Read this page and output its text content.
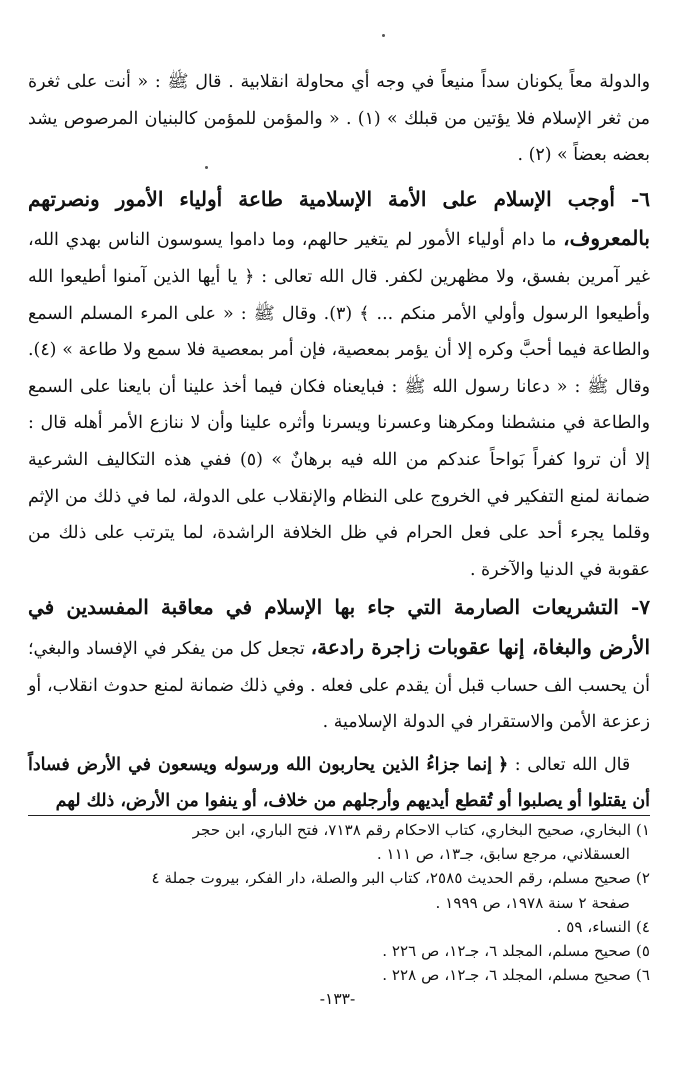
والدولة معاً يكونان سداً منيعاً في وجه أي محاولة انقلابية . قال ﷺ : « أنت على ثغرة من ثغر الإسلام فلا يؤتين من قبلك » (١) . « والمؤمن للمؤمن كالبنيان المرصوص يشد بعضه بعضاً » (٢) .

٦- أوجب الإسلام على الأمة الإسلامية طاعة أولياء الأمور ونصرتهم بالمعروف، ما دام أولياء الأمور لم يتغير حالهم، وما داموا يسوسون الناس بهدي الله، غير آمرين بفسق، ولا مظهرين لكفر. قال الله تعالى : ﴿ يا أيها الذين آمنوا أطيعوا الله وأطيعوا الرسول وأولي الأمر منكم ... ﴾ (٣). وقال ﷺ : « على المرء المسلم السمع والطاعة فيما أحبَّ وكره إلا أن يؤمر بمعصية، فإن أمر بمعصية فلا سمع ولا طاعة » (٤). وقال ﷺ : « دعانا رسول الله ﷺ : فبايعناه فكان فيما أخذ علينا أن بايعنا على السمع والطاعة في منشطنا ومكرهنا وعسرنا ويسرنا وأثره علينا وأن لا ننازع الأمر أهله قال : إلا أن تروا كفراً بَواحاً عندكم من الله فيه برهانٌ » (٥) ففي هذه التكاليف الشرعية ضمانة لمنع التفكير في الخروج على النظام والإنقلاب على الدولة، لما في ذلك من الإثم وقلما يجرء أحد على فعل الحرام في ظل الخلافة الراشدة، لما يترتب على ذلك من عقوبة في الدنيا والآخرة .

٧- التشريعات الصارمة التي جاء بها الإسلام في معاقبة المفسدين في الأرض والبغاة، إنها عقوبات زاجرة رادعة، تجعل كل من يفكر في الإفساد والبغي؛ أن يحسب الف حساب قبل أن يقدم على فعله . وفي ذلك ضمانة لمنع حدوث انقلاب، أو زعزعة الأمن والاستقرار في الدولة الإسلامية .

قال الله تعالى : ﴿ إنما جزاءُ الذين يحاربون الله ورسوله ويسعون في الأرض فساداً أن يقتلوا أو يصلبوا أو تُقطع أيديهم وأرجلهم من خلاف، أو ينفوا من الأرض، ذلك لهم

١) البخاري، صحيح البخاري، كتاب الاحكام رقم ٧١٣٨، فتح الباري، ابن حجر

العسقلاني، مرجع سابق، جـ١٣، ص ١١١ .

٢) صحيح مسلم، رقم الحديث ٢٥٨٥، كتاب البر والصلة، دار الفكر، بيروت جملة ٤

صفحة ٢ سنة ١٩٧٨، ص ١٩٩٩ .

٤) النساء، ٥٩ .

٥) صحيح مسلم، المجلد ٦، جـ١٢، ص ٢٢٦ .

٦) صحيح مسلم، المجلد ٦، جـ١٢، ص ٢٢٨ .

-١٣٣-
